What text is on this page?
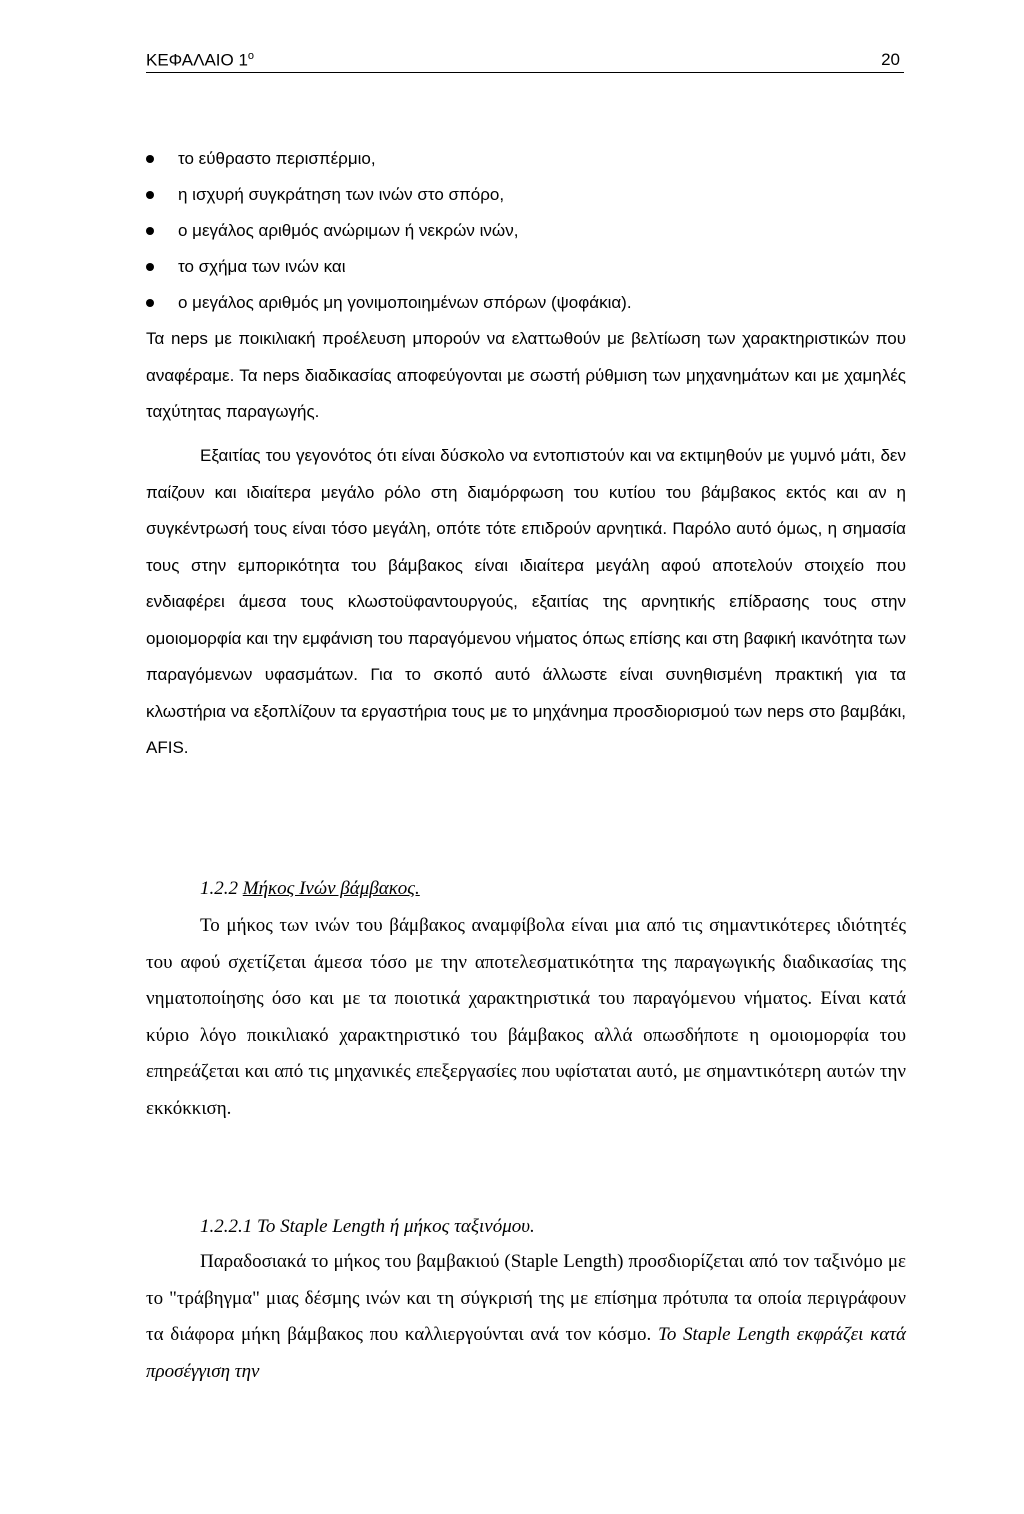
ΚΕΦΑΛΑΙΟ $1^o$	20
το εύθραστο περισπέρμιο,
η ισχυρή συγκράτηση των ινών στο σπόρο,
ο μεγάλος αριθμός ανώριμων ή νεκρών ινών,
το σχήμα των ινών και
ο μεγάλος αριθμός μη γονιμοποιημένων σπόρων (ψοφάκια).

Τα neps με ποικιλιακή προέλευση μπορούν να ελαττωθούν με βελτίωση των χαρακτηριστικών που αναφέραμε. Τα neps διαδικασίας αποφεύγονται με σωστή ρύθμιση των μηχανημάτων και με χαμηλές ταχύτητας παραγωγής.

Εξαιτίας του γεγονότος ότι είναι δύσκολο να εντοπιστούν και να εκτιμηθούν με γυμνό μάτι, δεν παίζουν και ιδιαίτερα μεγάλο ρόλο στη διαμόρφωση του κυτίου του βάμβακος εκτός και αν η συγκέντρωσή τους είναι τόσο μεγάλη, οπότε τότε επιδρούν αρνητικά. Παρόλο αυτό όμως, η σημασία τους στην εμπορικότητα του βάμβακος είναι ιδιαίτερα μεγάλη αφού αποτελούν στοιχείο που ενδιαφέρει άμεσα τους κλωστοϋφαντουργούς, εξαιτίας της αρνητικής επίδρασης τους στην ομοιομορφία και την εμφάνιση του παραγόμενου νήματος όπως επίσης και στη βαφική ικανότητα των παραγόμενων υφασμάτων. Για το σκοπό αυτό άλλωστε είναι συνηθισμένη πρακτική για τα κλωστήρια να εξοπλίζουν τα εργαστήρια τους με το μηχάνημα προσδιορισμού των neps στο βαμβάκι, AFIS.

1.2.2 Μήκος Ινών βάμβακος.

Το μήκος των ινών του βάμβακος αναμφίβολα είναι μια από τις σημαντικότερες ιδιότητές του αφού σχετίζεται άμεσα τόσο με την αποτελεσματικότητα της παραγωγικής διαδικασίας της νηματοποίησης όσο και με τα ποιοτικά χαρακτηριστικά του παραγόμενου νήματος. Είναι κατά κύριο λόγο ποικιλιακό χαρακτηριστικό του βάμβακος αλλά οπωσδήποτε η ομοιομορφία του επηρεάζεται και από τις μηχανικές επεξεργασίες που υφίσταται αυτό, με σημαντικότερη αυτών την εκκόκκιση.

1.2.2.1 Το Staple Length ή μήκος ταξινόμου.

Παραδοσιακά το μήκος του βαμβακιού (Staple Length) προσδιορίζεται από τον ταξινόμο με το "τράβηγμα" μιας δέσμης ινών και τη σύγκρισή της με επίσημα πρότυπα τα οποία περιγράφουν τα διάφορα μήκη βάμβακος που καλλιεργούνται ανά τον κόσμο. Το Staple Length εκφράζει κατά προσέγγιση την
